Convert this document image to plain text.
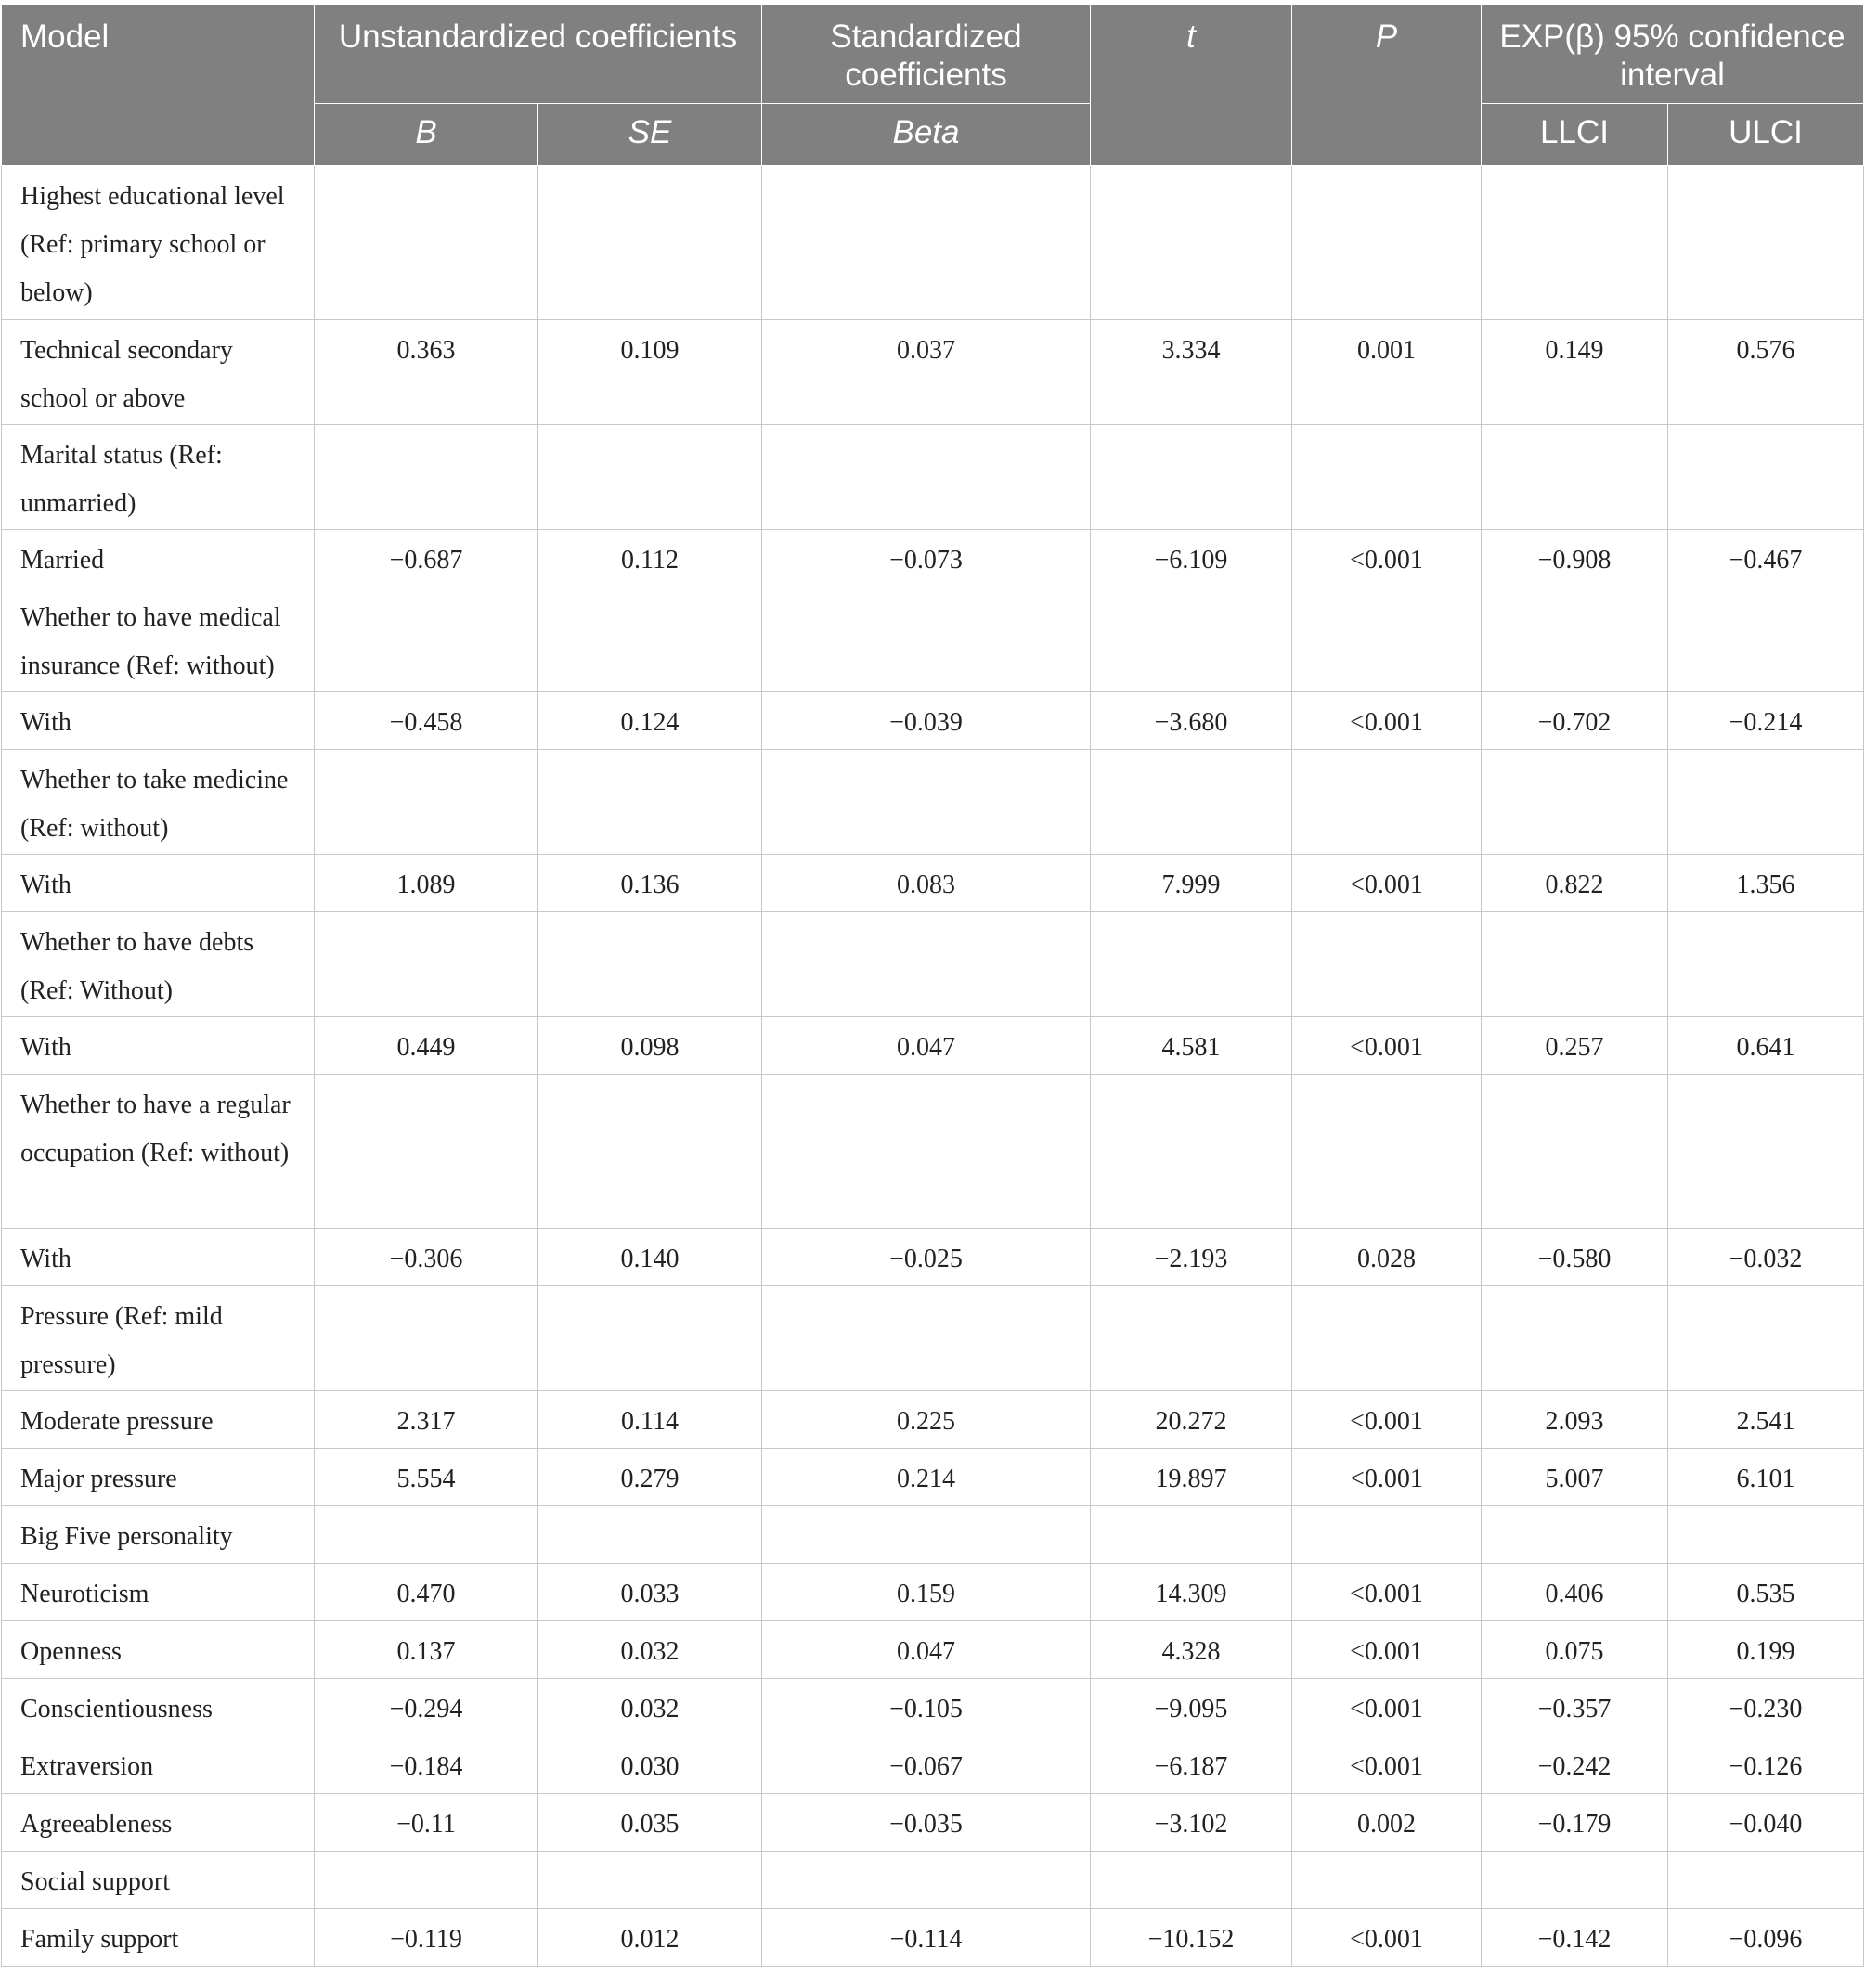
Model	Unstandardized coefficients		Standardized coefficients	t	P	EXP(β) 95% confidence interval	
	B	SE	Beta			LLCI	ULCI
Highest educational level (Ref: primary school or below)							
Technical secondary school or above	0.363	0.109	0.037	3.334	0.001	0.149	0.576
Marital status (Ref: unmarried)							
Married	−0.687	0.112	−0.073	−6.109	<0.001	−0.908	−0.467
Whether to have medical insurance (Ref: without)							
With	−0.458	0.124	−0.039	−3.680	<0.001	−0.702	−0.214
Whether to take medicine (Ref: without)							
With	1.089	0.136	0.083	7.999	<0.001	0.822	1.356
Whether to have debts (Ref: Without)							
With	0.449	0.098	0.047	4.581	<0.001	0.257	0.641
Whether to have a regular occupation (Ref: without)							
With	−0.306	0.140	−0.025	−2.193	0.028	−0.580	−0.032
Pressure (Ref: mild pressure)							
Moderate pressure	2.317	0.114	0.225	20.272	<0.001	2.093	2.541
Major pressure	5.554	0.279	0.214	19.897	<0.001	5.007	6.101
Big Five personality							
Neuroticism	0.470	0.033	0.159	14.309	<0.001	0.406	0.535
Openness	0.137	0.032	0.047	4.328	<0.001	0.075	0.199
Conscientiousness	−0.294	0.032	−0.105	−9.095	<0.001	−0.357	−0.230
Extraversion	−0.184	0.030	−0.067	−6.187	<0.001	−0.242	−0.126
Agreeableness	−0.11	0.035	−0.035	−3.102	0.002	−0.179	−0.040
Social support							
Family support	−0.119	0.012	−0.114	−10.152	<0.001	−0.142	−0.096
